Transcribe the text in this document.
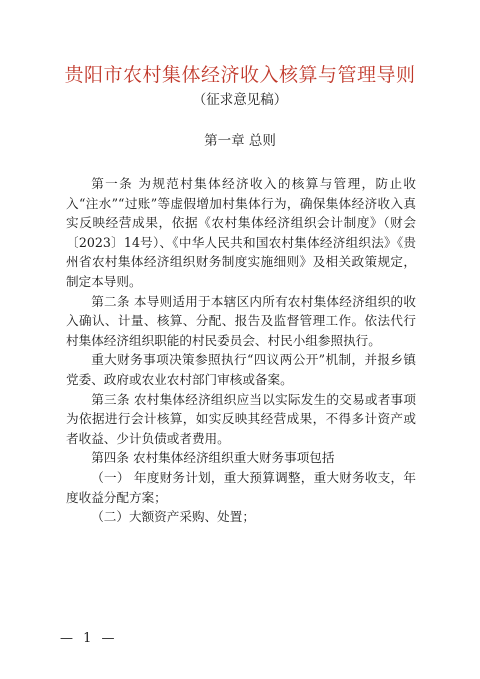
贵阳市农村集体经济收入核算与管理导则
（征求意见稿）
第一章 总则

第一条 为规范村集体经济收入的核算与管理，防止收入“注水”“过账”等虚假增加村集体行为，确保集体经济收入真实反映经营成果，依据《农村集体经济组织会计制度》（财会〔2023〕14号）、《中华人民共和国农村集体经济组织法》《贵州省农村集体经济组织财务制度实施细则》及相关政策规定，制定本导则。

第二条 本导则适用于本辖区内所有农村集体经济组织的收入确认、计量、核算、分配、报告及监督管理工作。依法代行村集体经济组织职能的村民委员会、村民小组参照执行。

重大财务事项决策参照执行“四议两公开”机制，并报乡镇党委、政府或农业农村部门审核或备案。

第三条 农村集体经济组织应当以实际发生的交易或者事项为依据进行会计核算，如实反映其经营成果，不得多计资产或者收益、少计负债或者费用。

第四条 农村集体经济组织重大财务事项包括

（一） 年度财务计划，重大预算调整，重大财务收支，年度收益分配方案；

（二）大额资产采购、处置；

— 1 —
